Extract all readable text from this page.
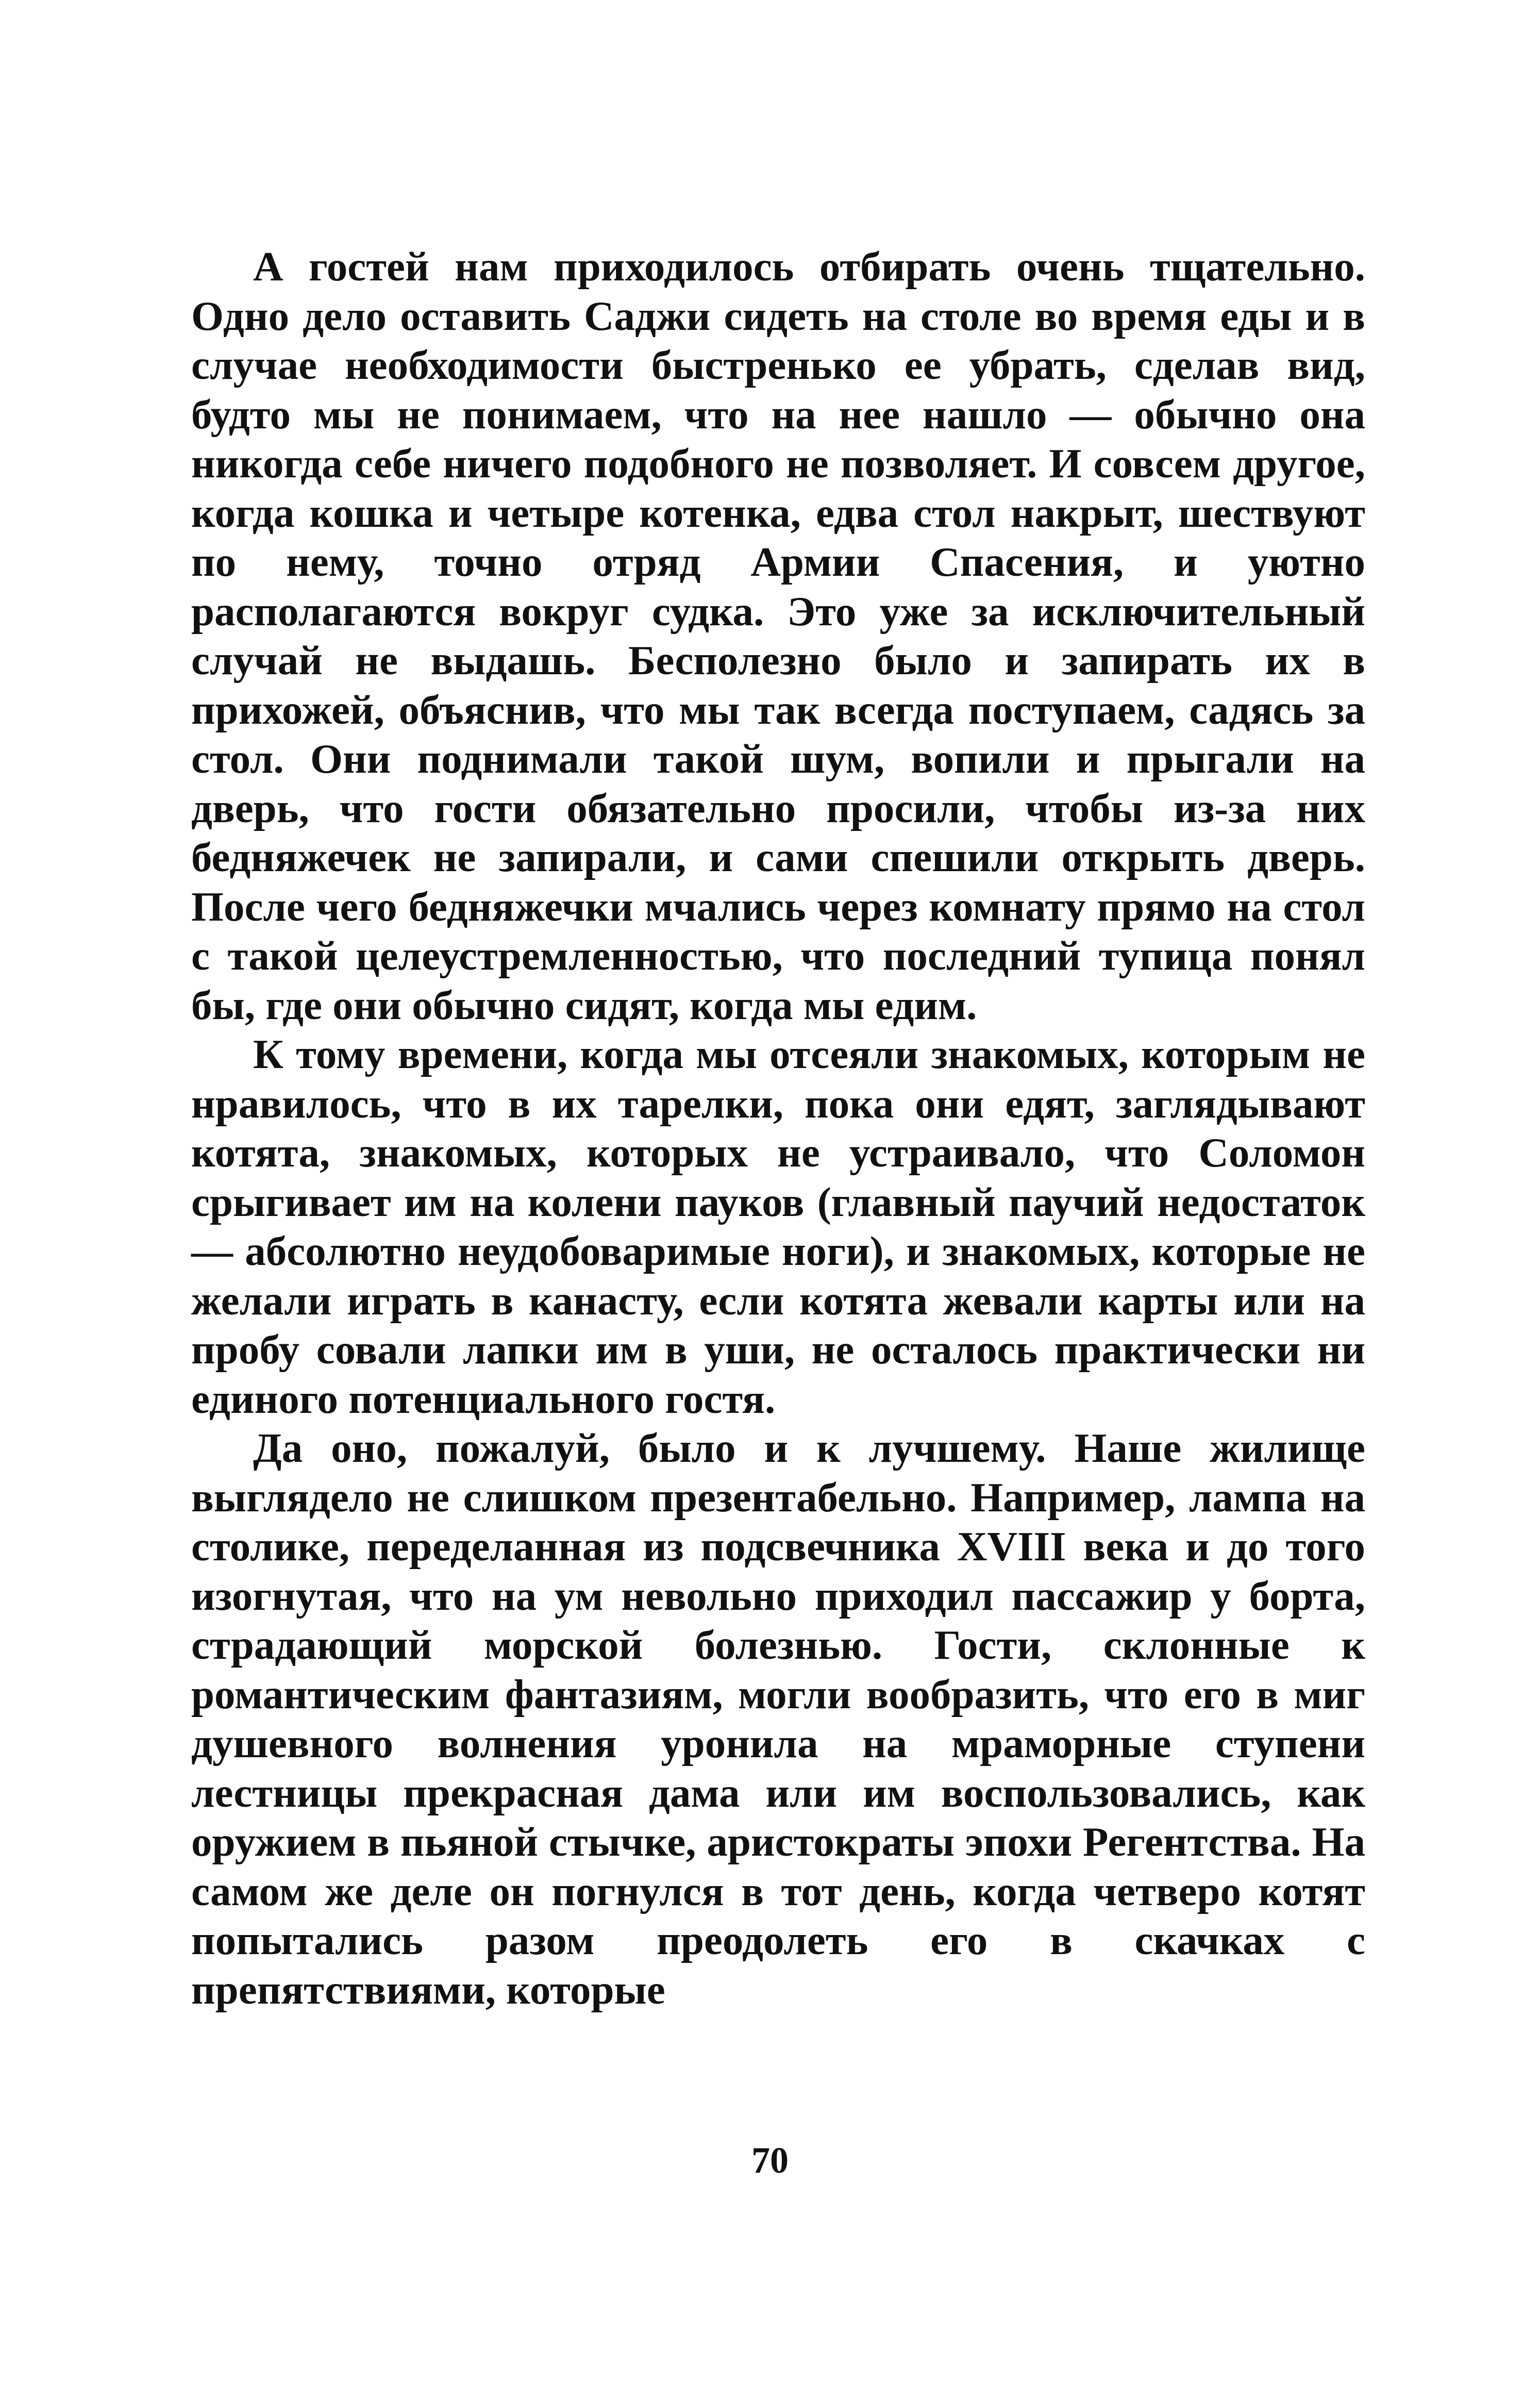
А гостей нам приходилось отбирать очень тщательно. Одно дело оставить Саджи сидеть на столе во время еды и в случае необходимости быстренько ее убрать, сделав вид, будто мы не понимаем, что на нее нашло — обычно она никогда себе ничего подобного не позволяет. И совсем другое, когда кошка и четыре котенка, едва стол накрыт, шествуют по нему, точно отряд Армии Спасения, и уютно располагаются вокруг судка. Это уже за исключительный случай не выдашь. Бесполезно было и запирать их в прихожей, объяснив, что мы так всегда поступаем, садясь за стол. Они поднимали такой шум, вопили и прыгали на дверь, что гости обязательно просили, чтобы из-за них бедняжечек не запирали, и сами спешили открыть дверь. После чего бедняжечки мчались через комнату прямо на стол с такой целеустремленностью, что последний тупица понял бы, где они обычно сидят, когда мы едим.

К тому времени, когда мы отсеяли знакомых, которым не нравилось, что в их тарелки, пока они едят, заглядывают котята, знакомых, которых не устраивало, что Соломон срыгивает им на колени пауков (главный паучий недостаток — абсолютно неудобоваримые ноги), и знакомых, которые не желали играть в канасту, если котята жевали карты или на пробу совали лапки им в уши, не осталось практически ни единого потенциального гостя.

Да оно, пожалуй, было и к лучшему. Наше жилище выглядело не слишком презентабельно. Например, лампа на столике, переделанная из подсвечника XVIII века и до того изогнутая, что на ум невольно приходил пассажир у борта, страдающий морской болезнью. Гости, склонные к романтическим фантазиям, могли вообразить, что его в миг душевного волнения уронила на мраморные ступени лестницы прекрасная дама или им воспользовались, как оружием в пьяной стычке, аристократы эпохи Регентства. На самом же деле он погнулся в тот день, когда четверо котят попытались разом преодолеть его в скачках с препятствиями, которые

70
